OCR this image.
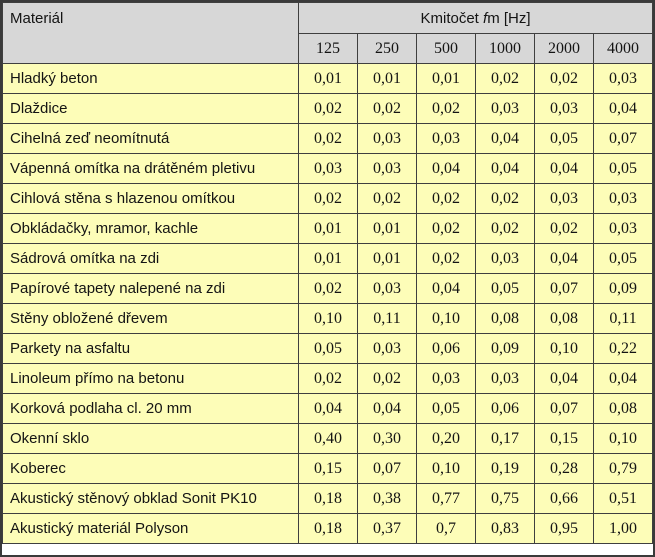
Materiál	Kmitočet fm [Hz]					
	125	250	500	1000	2000	4000
Hladký beton	0,01	0,01	0,01	0,02	0,02	0,03
Dlaždice	0,02	0,02	0,02	0,03	0,03	0,04
Cihelná zeď neomítnutá	0,02	0,03	0,03	0,04	0,05	0,07
Vápenná omítka na drátěném pletivu	0,03	0,03	0,04	0,04	0,04	0,05
Cihlová stěna s hlazenou omítkou	0,02	0,02	0,02	0,02	0,03	0,03
Obkládačky, mramor, kachle	0,01	0,01	0,02	0,02	0,02	0,03
Sádrová omítka na zdi	0,01	0,01	0,02	0,03	0,04	0,05
Papírové tapety nalepené na zdi	0,02	0,03	0,04	0,05	0,07	0,09
Stěny obložené dřevem	0,10	0,11	0,10	0,08	0,08	0,11
Parkety na asfaltu	0,05	0,03	0,06	0,09	0,10	0,22
Linoleum přímo na betonu	0,02	0,02	0,03	0,03	0,04	0,04
Korková podlaha cl. 20 mm	0,04	0,04	0,05	0,06	0,07	0,08
Okenní sklo	0,40	0,30	0,20	0,17	0,15	0,10
Koberec	0,15	0,07	0,10	0,19	0,28	0,79
Akustický stěnový obklad Sonit PK10	0,18	0,38	0,77	0,75	0,66	0,51
Akustický materiál Polyson	0,18	0,37	0,7	0,83	0,95	1,00
